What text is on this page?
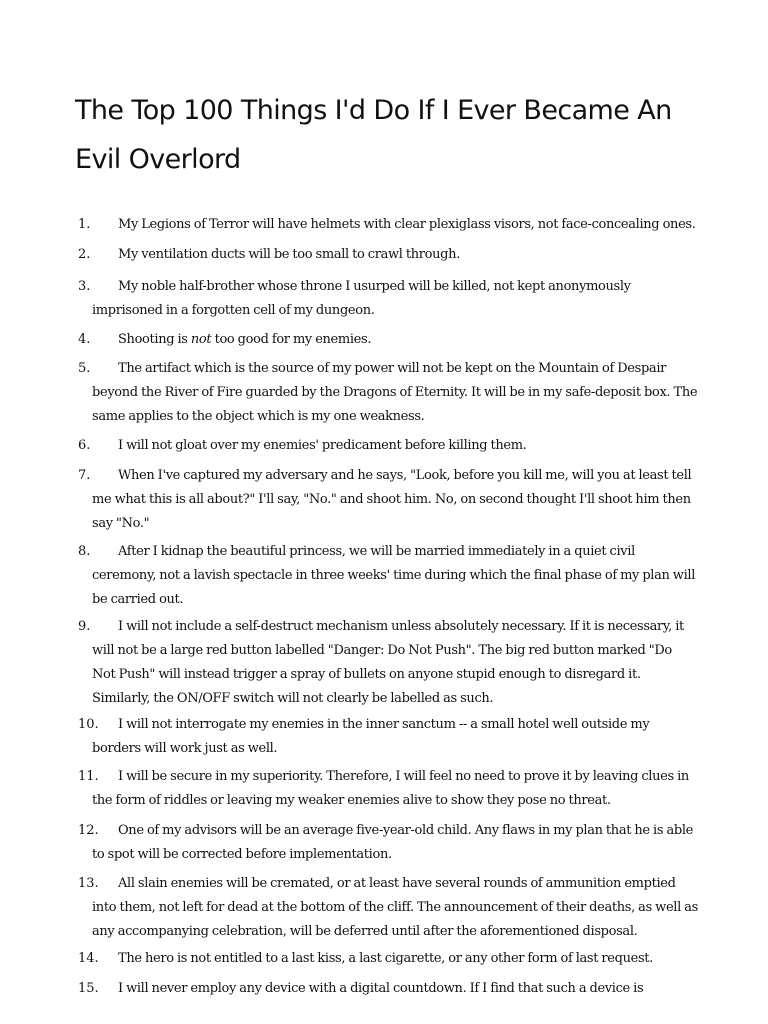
The Top 100 Things I'd Do If I Ever Became An Evil Overlord
1.	My Legions of Terror will have helmets with clear plexiglass visors, not face-concealing ones.
2.	My ventilation ducts will be too small to crawl through.
3.	My noble half-brother whose throne I usurped will be killed, not kept anonymously imprisoned in a forgotten cell of my dungeon.
4.	Shooting is not too good for my enemies.
5.	The artifact which is the source of my power will not be kept on the Mountain of Despair beyond the River of Fire guarded by the Dragons of Eternity. It will be in my safe-deposit box. The same applies to the object which is my one weakness.
6.	I will not gloat over my enemies' predicament before killing them.
7.	When I've captured my adversary and he says, "Look, before you kill me, will you at least tell me what this is all about?" I'll say, "No." and shoot him. No, on second thought I'll shoot him then say "No."
8.	After I kidnap the beautiful princess, we will be married immediately in a quiet civil ceremony, not a lavish spectacle in three weeks' time during which the final phase of my plan will be carried out.
9.	I will not include a self-destruct mechanism unless absolutely necessary. If it is necessary, it will not be a large red button labelled "Danger: Do Not Push". The big red button marked "Do Not Push" will instead trigger a spray of bullets on anyone stupid enough to disregard it. Similarly, the ON/OFF switch will not clearly be labelled as such.
10.	I will not interrogate my enemies in the inner sanctum -- a small hotel well outside my borders will work just as well.
11.	I will be secure in my superiority. Therefore, I will feel no need to prove it by leaving clues in the form of riddles or leaving my weaker enemies alive to show they pose no threat.
12.	One of my advisors will be an average five-year-old child. Any flaws in my plan that he is able to spot will be corrected before implementation.
13.	All slain enemies will be cremated, or at least have several rounds of ammunition emptied into them, not left for dead at the bottom of the cliff. The announcement of their deaths, as well as any accompanying celebration, will be deferred until after the aforementioned disposal.
14.	The hero is not entitled to a last kiss, a last cigarette, or any other form of last request.
15.	I will never employ any device with a digital countdown. If I find that such a device is
